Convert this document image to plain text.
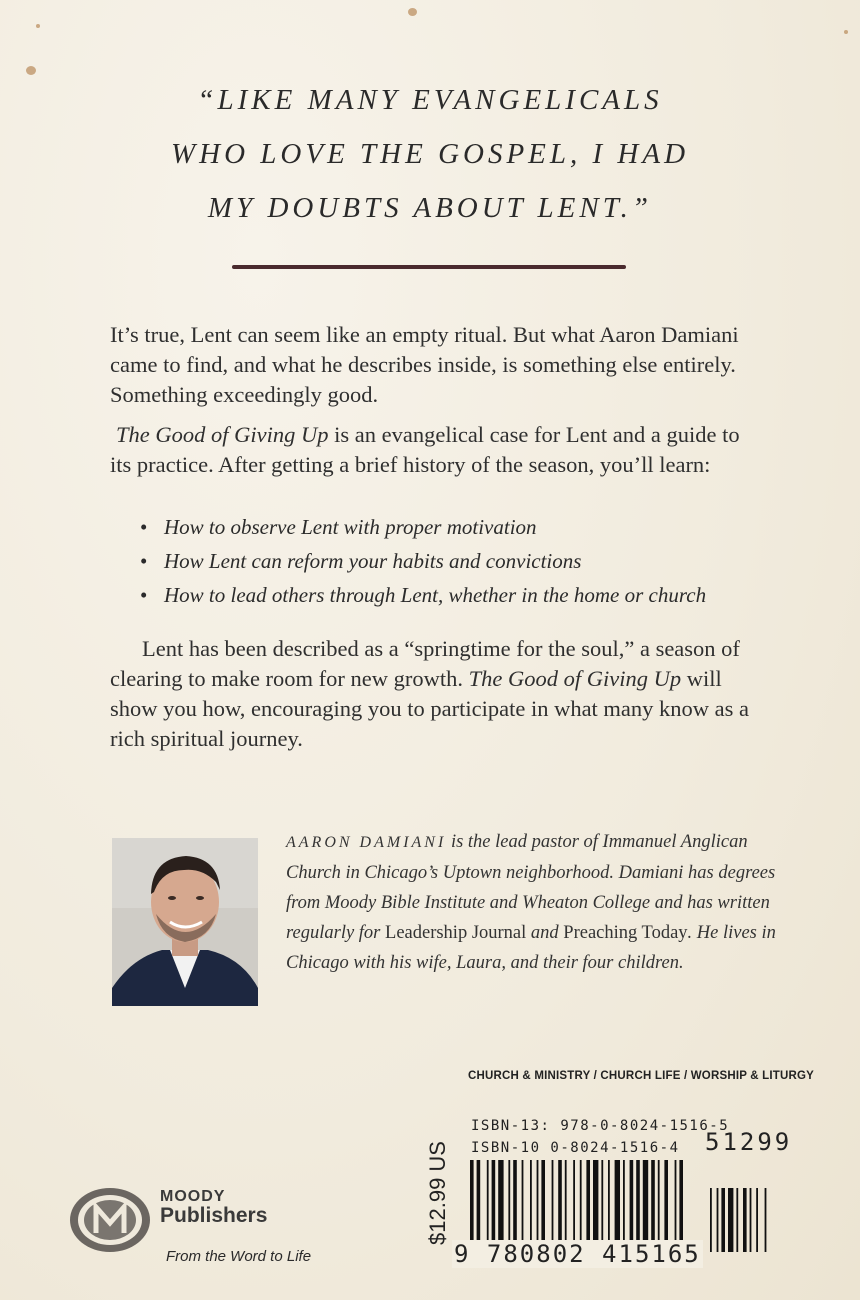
“LIKE MANY EVANGELICALS
WHO LOVE THE GOSPEL, I HAD
MY DOUBTS ABOUT LENT.”

It’s true, Lent can seem like an empty ritual. But what Aaron Damiani came to find, and what he describes inside, is something else entirely. Something exceedingly good.

The Good of Giving Up is an evangelical case for Lent and a guide to its practice. After getting a brief history of the season, you’ll learn:

• How to observe Lent with proper motivation
• How Lent can reform your habits and convictions
• How to lead others through Lent, whether in the home or church

Lent has been described as a “springtime for the soul,” a season of clearing to make room for new growth. The Good of Giving Up will show you how, encouraging you to participate in what many know as a rich spiritual journey.

AARON DAMIANI is the lead pastor of Immanuel Anglican Church in Chicago’s Uptown neighborhood. Damiani has degrees from Moody Bible Institute and Wheaton College and has written regularly for Leadership Journal and Preaching Today. He lives in Chicago with his wife, Laura, and their four children.
CHURCH & MINISTRY / CHURCH LIFE / WORSHIP & LITURGY
$12.99 US
ISBN-13: 978-0-8024-1516-5
ISBN-10 0-8024-1516-4
9 780802 415165
51299
MOODY
Publishers
From the Word to Life
